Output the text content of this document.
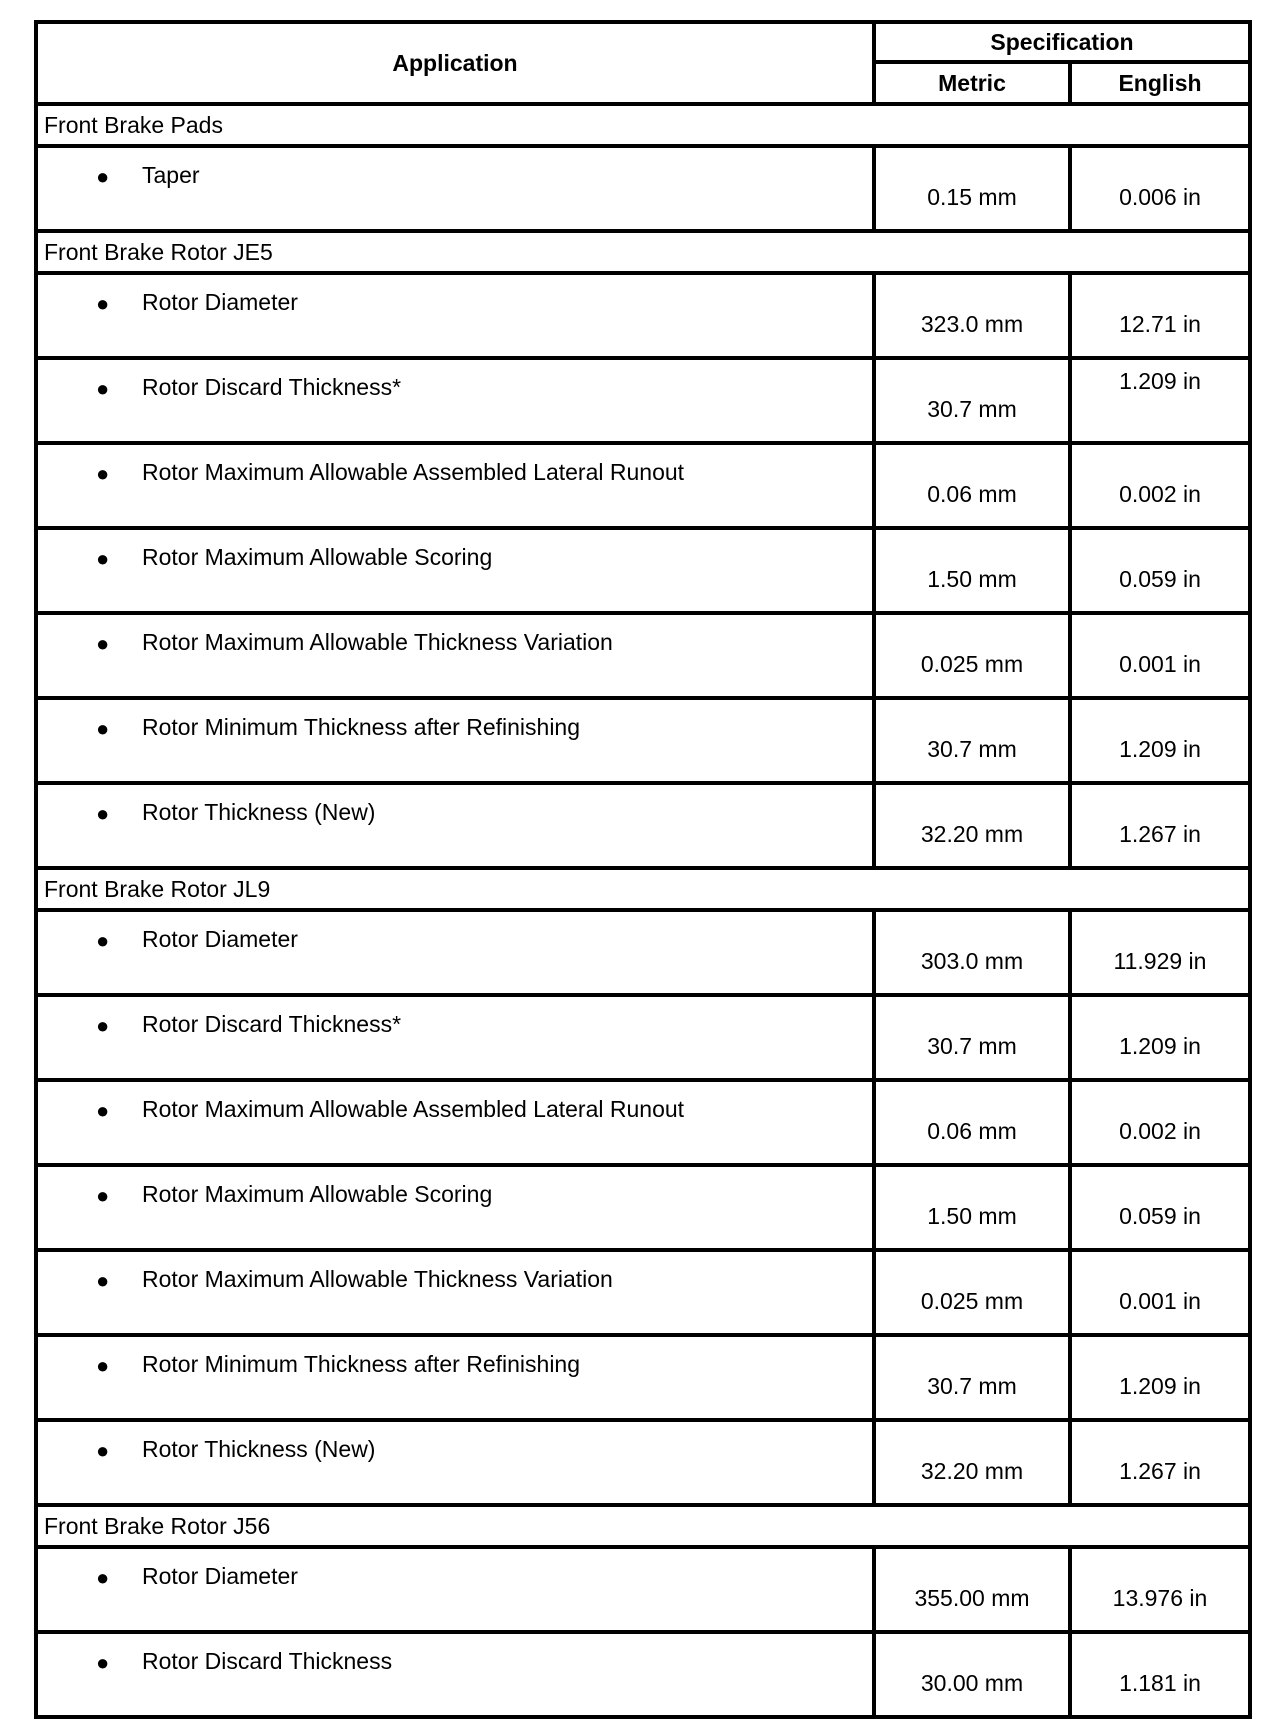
Application	Specification	
	Metric	English
Front Brake Pads		

● Taper	0.15 mm	0.006 in
Front Brake Rotor JE5		

● Rotor Diameter	323.0 mm	12.71 in

● Rotor Discard Thickness*	30.7 mm	1.209 in

● Rotor Maximum Allowable Assembled Lateral Runout	0.06 mm	0.002 in

● Rotor Maximum Allowable Scoring	1.50 mm	0.059 in

● Rotor Maximum Allowable Thickness Variation	0.025 mm	0.001 in

● Rotor Minimum Thickness after Refinishing	30.7 mm	1.209 in

● Rotor Thickness (New)	32.20 mm	1.267 in
Front Brake Rotor JL9		

● Rotor Diameter	303.0 mm	11.929 in

● Rotor Discard Thickness*	30.7 mm	1.209 in

● Rotor Maximum Allowable Assembled Lateral Runout	0.06 mm	0.002 in

● Rotor Maximum Allowable Scoring	1.50 mm	0.059 in

● Rotor Maximum Allowable Thickness Variation	0.025 mm	0.001 in

● Rotor Minimum Thickness after Refinishing	30.7 mm	1.209 in

● Rotor Thickness (New)	32.20 mm	1.267 in
Front Brake Rotor J56		

● Rotor Diameter	355.00 mm	13.976 in

● Rotor Discard Thickness	30.00 mm	1.181 in
